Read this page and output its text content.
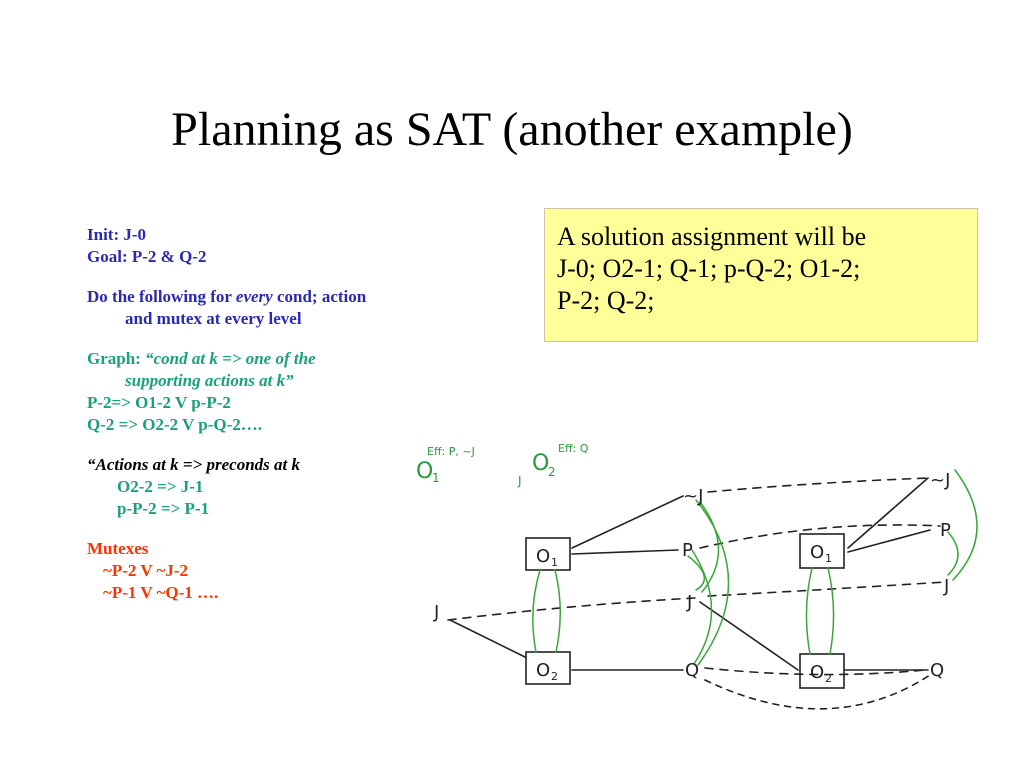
Planning as SAT (another example)

Init: J-0

Goal: P-2 & Q-2

Do the following for every cond; action

and mutex at every level

Graph: “cond at k => one of the

supporting actions at k”

P-2=> O1-2 V p-P-2

Q-2 => O2-2 V p-Q-2….

“Actions at k => preconds at k

O2-2 => J-1

p-P-2 => P-1

Mutexes

~P-2 V ~J-2

~P-1 V ~Q-1 ….

A solution assignment will be
J-0; O2-1; Q-1; p-Q-2; O1-2;
P-2; Q-2;
Eff: P, ~J	Eff: Q
O
1	J
O
2
J
O 1
O 2
~J
P
J
Q
O 1
O 2
~J
P
J
Q
